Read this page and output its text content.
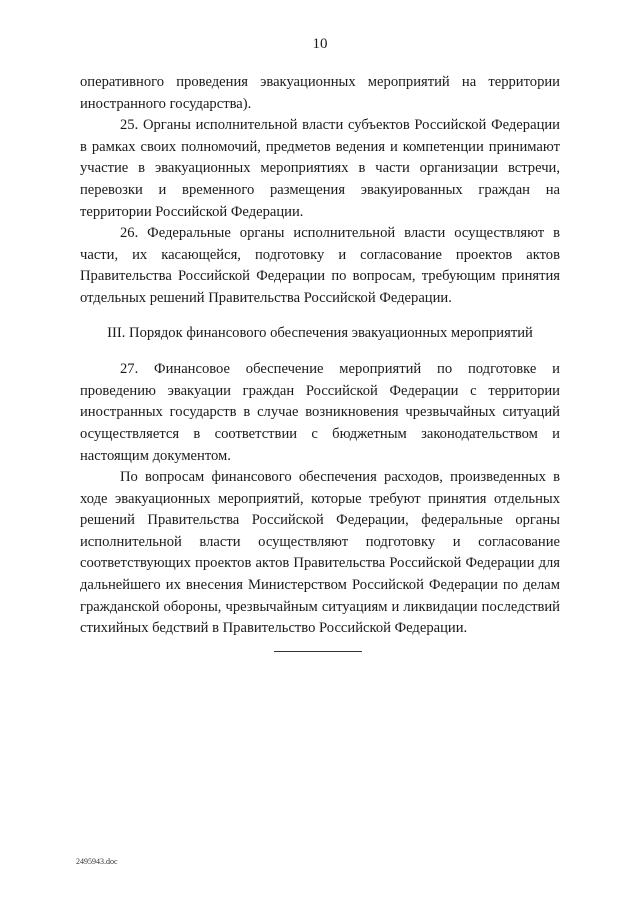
10

оперативного проведения эвакуационных мероприятий на территории иностранного государства).

25. Органы исполнительной власти субъектов Российской Федерации в рамках своих полномочий, предметов ведения и компетенции принимают участие в эвакуационных мероприятиях в части организации встречи, перевозки и временного размещения эвакуированных граждан на территории Российской Федерации.

26. Федеральные органы исполнительной власти осуществляют в части, их касающейся, подготовку и согласование проектов актов Правительства Российской Федерации по вопросам, требующим принятия отдельных решений Правительства Российской Федерации.

III. Порядок финансового обеспечения эвакуационных мероприятий

27. Финансовое обеспечение мероприятий по подготовке и проведению эвакуации граждан Российской Федерации с территории иностранных государств в случае возникновения чрезвычайных ситуаций осуществляется в соответствии с бюджетным законодательством и настоящим документом.

По вопросам финансового обеспечения расходов, произведенных в ходе эвакуационных мероприятий, которые требуют принятия отдельных решений Правительства Российской Федерации, федеральные органы исполнительной власти осуществляют подготовку и согласование соответствующих проектов актов Правительства Российской Федерации для дальнейшего их внесения Министерством Российской Федерации по делам гражданской обороны, чрезвычайным ситуациям и ликвидации последствий стихийных бедствий в Правительство Российской Федерации.

2495943.doc
